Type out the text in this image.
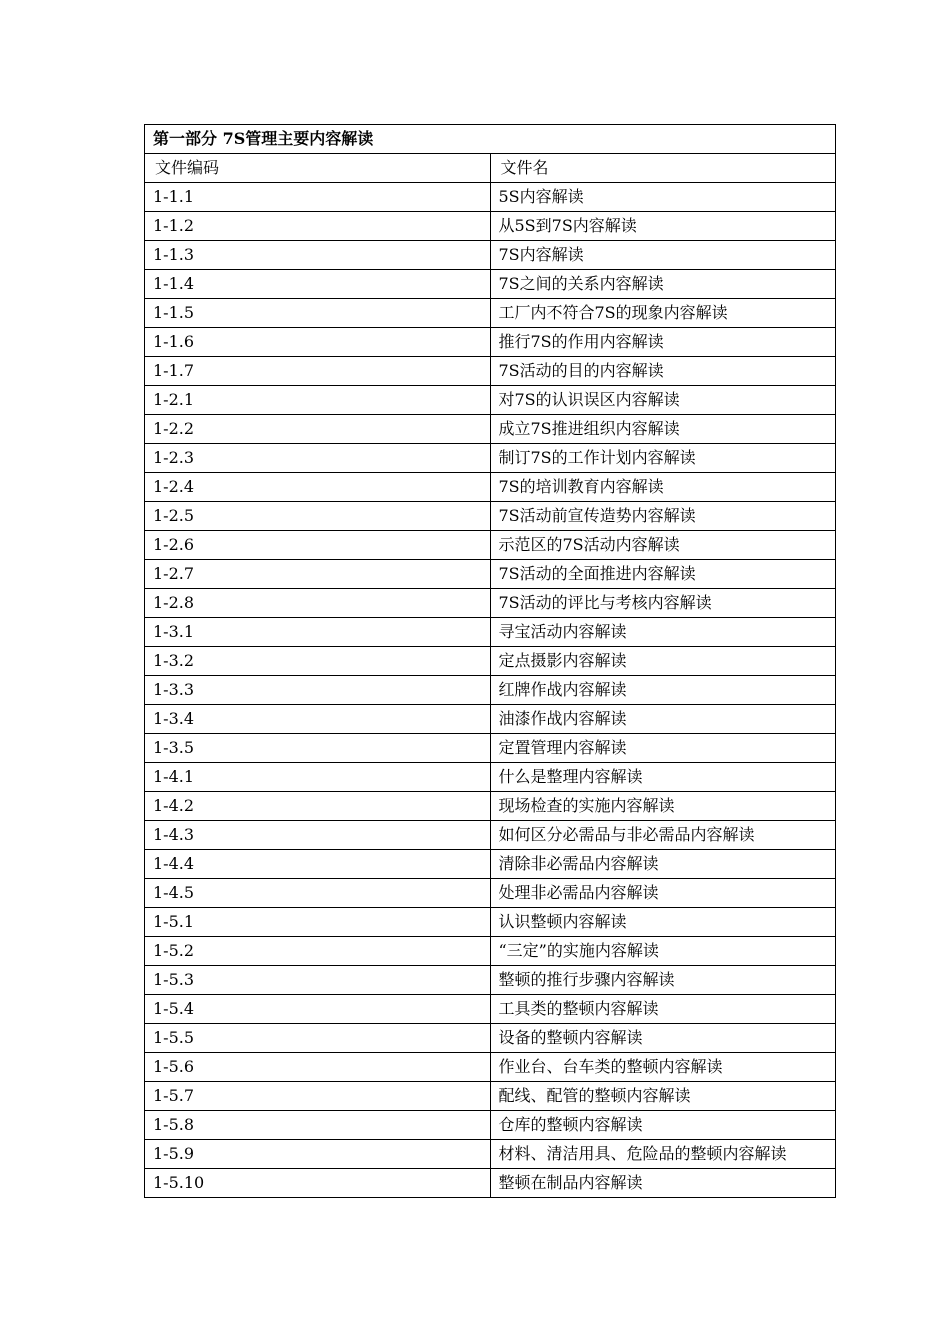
第一部分 7S管理主要内容解读	
文件编码	文件名
1-1.1	5S内容解读
1-1.2	从5S到7S内容解读
1-1.3	7S内容解读
1-1.4	7S之间的关系内容解读
1-1.5	工厂内不符合7S的现象内容解读
1-1.6	推行7S的作用内容解读
1-1.7	7S活动的目的内容解读
1-2.1	对7S的认识误区内容解读
1-2.2	成立7S推进组织内容解读
1-2.3	制订7S的工作计划内容解读
1-2.4	7S的培训教育内容解读
1-2.5	7S活动前宣传造势内容解读
1-2.6	示范区的7S活动内容解读
1-2.7	7S活动的全面推进内容解读
1-2.8	7S活动的评比与考核内容解读
1-3.1	寻宝活动内容解读
1-3.2	定点摄影内容解读
1-3.3	红牌作战内容解读
1-3.4	油漆作战内容解读
1-3.5	定置管理内容解读
1-4.1	什么是整理内容解读
1-4.2	现场检查的实施内容解读
1-4.3	如何区分必需品与非必需品内容解读
1-4.4	清除非必需品内容解读
1-4.5	处理非必需品内容解读
1-5.1	认识整顿内容解读
1-5.2	“三定”的实施内容解读
1-5.3	整顿的推行步骤内容解读
1-5.4	工具类的整顿内容解读
1-5.5	设备的整顿内容解读
1-5.6	作业台、台车类的整顿内容解读
1-5.7	配线、配管的整顿内容解读
1-5.8	仓库的整顿内容解读
1-5.9	材料、清洁用具、危险品的整顿内容解读
1-5.10	整顿在制品内容解读
